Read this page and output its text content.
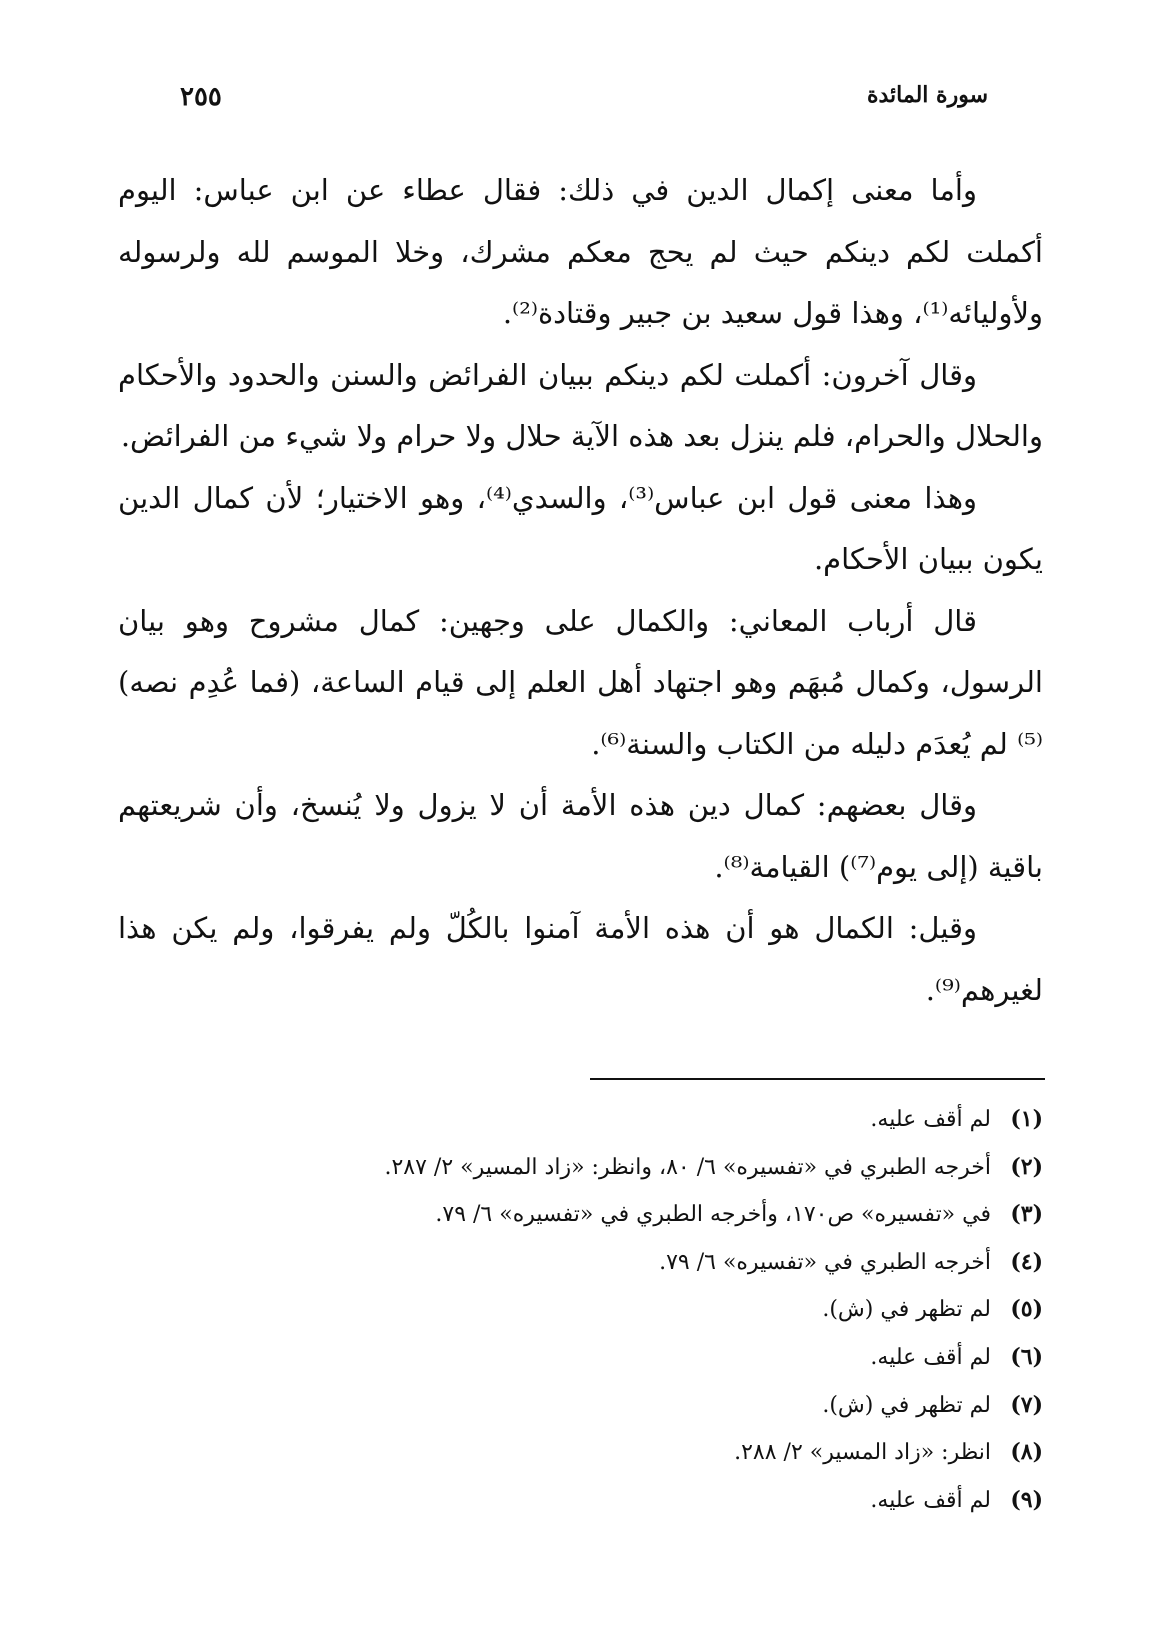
سورة المائدة
٢٥٥

وأما معنى إكمال الدين في ذلك: فقال عطاء عن ابن عباس: اليوم أكملت لكم دينكم حيث لم يحج معكم مشرك، وخلا الموسم لله ولرسوله ولأوليائه⁽¹⁾، وهذا قول سعيد بن جبير وقتادة⁽²⁾.

وقال آخرون: أكملت لكم دينكم ببيان الفرائض والسنن والحدود والأحكام والحلال والحرام، فلم ينزل بعد هذه الآية حلال ولا حرام ولا شيء من الفرائض.

وهذا معنى قول ابن عباس⁽³⁾، والسدي⁽⁴⁾، وهو الاختيار؛ لأن كمال الدين يكون ببيان الأحكام.

قال أرباب المعاني: والكمال على وجهين: كمال مشروح وهو بيان الرسول، وكمال مُبهَم وهو اجتهاد أهل العلم إلى قيام الساعة، (فما عُدِم نصه)⁽⁵⁾ لم يُعدَم دليله من الكتاب والسنة⁽⁶⁾.

وقال بعضهم: كمال دين هذه الأمة أن لا يزول ولا يُنسخ، وأن شريعتهم باقية (إلى يوم⁽⁷⁾) القيامة⁽⁸⁾.

وقيل: الكمال هو أن هذه الأمة آمنوا بالكُلّ ولم يفرقوا، ولم يكن هذا لغيرهم⁽⁹⁾.

(١)لم أقف عليه.
(٢)أخرجه الطبري في «تفسيره» ٦/ ٨٠، وانظر: «زاد المسير» ٢/ ٢٨٧.
(٣)في «تفسيره» ص١٧٠، وأخرجه الطبري في «تفسيره» ٦/ ٧٩.
(٤)أخرجه الطبري في «تفسيره» ٦/ ٧٩.
(٥)لم تظهر في (ش).
(٦)لم أقف عليه.
(٧)لم تظهر في (ش).
(٨)انظر: «زاد المسير» ٢/ ٢٨٨.
(٩)لم أقف عليه.
